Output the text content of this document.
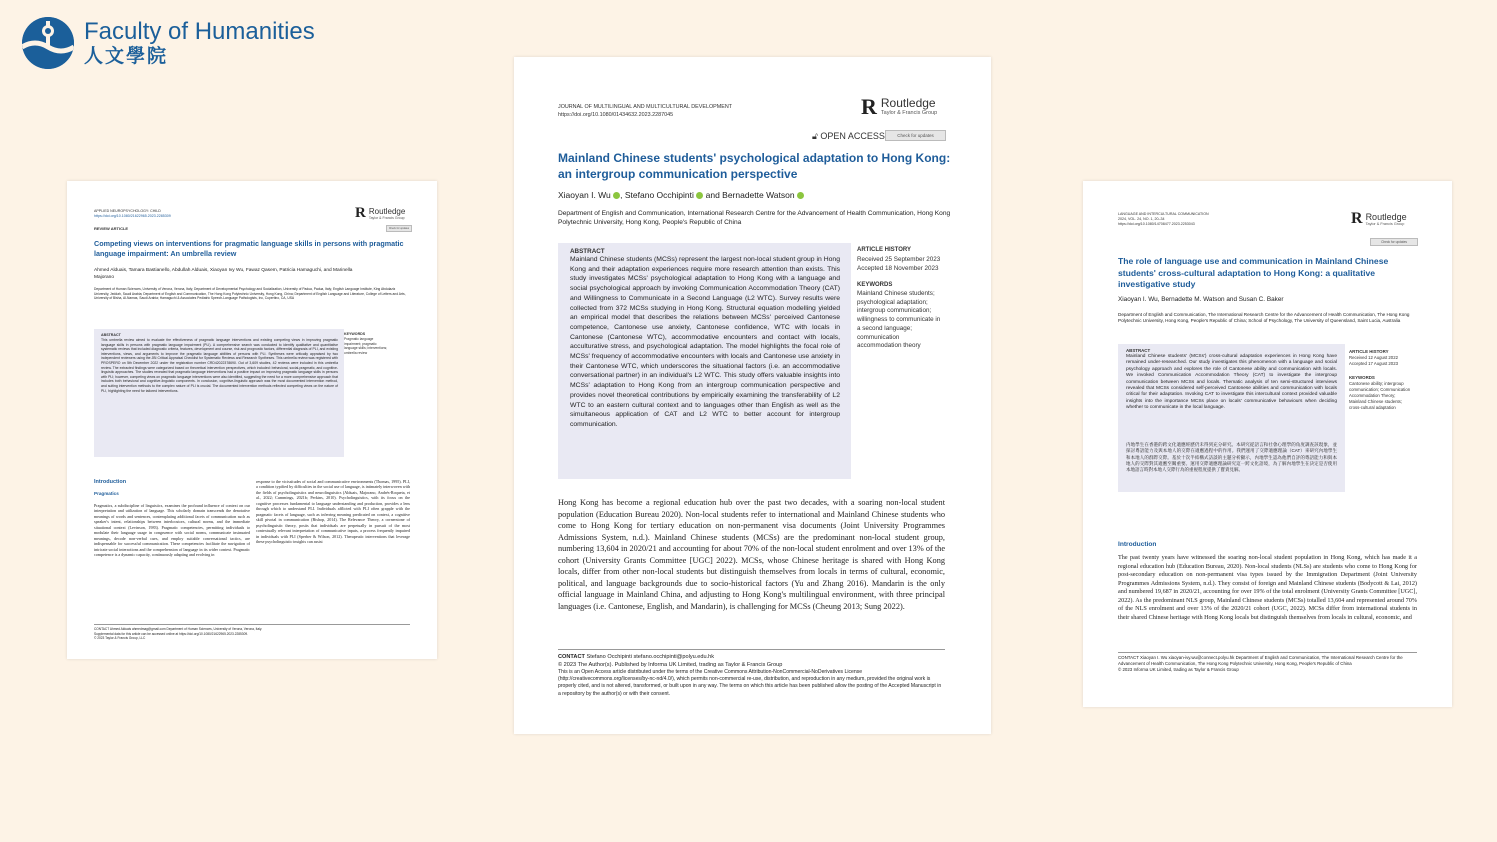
Faculty of Humanities
人文學院
APPLIED NEUROPSYCHOLOGY: CHILD
https://doi.org/10.1080/21622965.2023.2285309	R Routledge
Taylor & Francis Group
Check for updates
REVIEW ARTICLE
Competing views on interventions for pragmatic language skills in persons with pragmatic language impairment: An umbrella review
Ahmed Alduais, Tamara Bastianello, Abdullah Alduais, Xiaoyan Ivy Wu, Fawaz Qasem, Patricia Hamaguchi, and Marinella Majorano
Department of Human Sciences, University of Verona, Verona, Italy; Department of Developmental Psychology and Socialization, University of Padua, Padua, Italy; English Language Institute, King Abdulaziz University, Jeddah, Saudi Arabia; Department of English and Communication, The Hong Kong Polytechnic University, Hong Kong, China; Department of English Language and Literature, College of Letters and Arts, University of Bisha, Al-Namas, Saudi Arabia; Hamaguchi & Associates Pediatric Speech-Language Pathologists, Inc, Cupertino, CA, USA
ABSTRACT
This umbrella review aimed to evaluate the effectiveness of pragmatic language interventions and existing competing views in improving pragmatic language skills in persons with pragmatic language impairment (PLI). A comprehensive search was conducted to identify qualitative and quantitative systematic reviews that included diagnostic criteria, features, development and course, risk and prognostic factors, differential diagnosis of PLI, and existing interventions, views, and arguments to improve the pragmatic language abilities of persons with PLI. Syntheses were critically appraised by two independent reviewers using the JBI Critical Appraisal Checklist for Systematic Reviews and Research Syntheses. This umbrella review was registered with PROSPERO on 5th December 2022 under the registration number CRD42022378690. Out of 3,609 studies, 42 reviews were included in this umbrella review. The extracted findings were categorized based on theoretical intervention perspectives, which included: behavioral, social-pragmatic, and cognitive-linguistic approaches. The studies revealed that pragmatic language interventions had a positive impact on improving pragmatic language skills in persons with PLI; however, competing views on pragmatic language interventions were also identified, suggesting the need for a more comprehensive approach that includes both behavioral and cognitive-linguistic components. In conclusion, cognitive-linguistic approach was the most documented intervention method, and suiting intervention methods to the complex nature of PLI is crucial. The documented intervention methods reflected competing views on the nature of PLI, highlighting the need for tailored interventions.
KEYWORDS
Pragmatic language impairment; pragmatic language skills; interventions; umbrella review
Introduction
Pragmatics
Pragmatics, a subdiscipline of linguistics, examines the profound influence of context on our interpretation and utilization of language. This scholarly domain transcends the denotative meanings of words and sentences, contemplating additional facets of communication such as speaker's intent, relationships between interlocutors, cultural norms, and the immediate situational context (Levinson, 1983). Pragmatic competencies, permitting individuals to modulate their language usage in congruence with social norms, communicate insinuated meanings, decode non-verbal cues, and employ suitable conversational tactics, are indispensable for successful communication. These competencies facilitate the navigation of intricate social interactions and the comprehension of language in its wider context. Pragmatic competence is a dynamic capacity, continuously adapting and evolving in
response to the vicissitudes of social and communicative environments (Thomas, 1995). PLI, a condition typified by difficulties in the social use of language, is intimately interwoven with the fields of psycholinguistics and neurolinguistics (Alduais, Majorano, Andrés-Roqueta, et al., 2022; Cummings, 2021b; Perkins, 2010). Psycholinguistics, with its focus on the cognitive processes fundamental to language understanding and production, provides a lens through which to understand PLI. Individuals afflicted with PLI often grapple with the pragmatic facets of language, such as inferring meaning predicated on context, a cognitive skill pivotal in communication (Bishop, 2014). The Relevance Theory, a cornerstone of psycholinguistic theory, posits that individuals are perpetually in pursuit of the most contextually relevant interpretation of communicative inputs, a process frequently impaired in individuals with PLI (Sperber & Wilson, 2012). Therapeutic interventions that leverage these psycholinguistic insights can assist
CONTACT Ahmed Alduais ahmedmag@gmail.com Department of Human Sciences, University of Verona, Verona, Italy.
Supplemental data for this article can be accessed online at https://doi.org/10.1080/21622965.2023.2285309.
© 2023 Taylor & Francis Group, LLC
JOURNAL OF MULTILINGUAL AND MULTICULTURAL DEVELOPMENT
https://doi.org/10.1080/01434632.2023.2287045	R Routledge
Taylor & Francis Group
🔓︎ OPEN ACCESS	Check for updates
Mainland Chinese students' psychological adaptation to Hong Kong: an intergroup communication perspective
Xiaoyan I. Wu , Stefano Occhipinti and Bernadette Watson
Department of English and Communication, International Research Centre for the Advancement of Health Communication, Hong Kong Polytechnic University, Hong Kong, People's Republic of China
ABSTRACT
Mainland Chinese students (MCSs) represent the largest non-local student group in Hong Kong and their adaptation experiences require more research attention than exists. This study investigates MCSs' psychological adaptation to Hong Kong with a language and social psychological approach by invoking Communication Accommodation Theory (CAT) and Willingness to Communicate in a Second Language (L2 WTC). Survey results were collected from 372 MCSs studying in Hong Kong. Structural equation modelling yielded an empirical model that describes the relations between MCSs' perceived Cantonese competence, Cantonese use anxiety, Cantonese confidence, WTC with locals in Cantonese (Cantonese WTC), accommodative encounters and contact with locals, acculturative stress, and psychological adaptation. The model highlights the focal role of MCSs' frequency of accommodative encounters with locals and Cantonese use anxiety in their Cantonese WTC, which underscores the situational factors (i.e. an accommodative conversational partner) in an individual's L2 WTC. This study offers valuable insights into MCSs' adaptation to Hong Kong from an intergroup communication perspective and provides novel theoretical contributions by empirically examining the transferability of L2 WTC to an eastern cultural context and to languages other than English as well as the simultaneous application of CAT and L2 WTC to better account for intergroup communication.
ARTICLE HISTORY
Received 25 September 2023
Accepted 18 November 2023
KEYWORDS
Mainland Chinese students; psychological adaptation; intergroup communication; willingness to communicate in a second language; communication accommodation theory
Hong Kong has become a regional education hub over the past two decades, with a soaring non-local student population (Education Bureau 2020). Non-local students refer to international and Mainland Chinese students who come to Hong Kong for tertiary education on non-permanent visa documents (Joint University Programmes Admissions System, n.d.). Mainland Chinese students (MCSs) are the predominant non-local student group, numbering 13,604 in 2020/21 and accounting for about 70% of the non-local student enrolment and over 13% of the cohort (University Grants Committee [UGC] 2022). MCSs, whose Chinese heritage is shared with Hong Kong locals, differ from other non-local students but distinguish themselves from locals in terms of cultural, economic, political, and language backgrounds due to socio-historical factors (Yu and Zhang 2016). Mandarin is the only official language in Mainland China, and adjusting to Hong Kong's multilingual environment, with three principal languages (i.e. Cantonese, English, and Mandarin), is challenging for MCSs (Cheung 2013; Sung 2022).
CONTACT Stefano Occhipinti stefano.occhipinti@polyu.edu.hk
© 2023 The Author(s). Published by Informa UK Limited, trading as Taylor & Francis Group
This is an Open Access article distributed under the terms of the Creative Commons Attribution-NonCommercial-NoDerivatives License (http://creativecommons.org/licenses/by-nc-nd/4.0/), which permits non-commercial re-use, distribution, and reproduction in any medium, provided the original work is properly cited, and is not altered, transformed, or built upon in any way. The terms on which this article has been published allow the posting of the Accepted Manuscript in a repository by the author(s) or with their consent.
LANGUAGE AND INTERCULTURAL COMMUNICATION
2024, VOL. 24, NO. 1, 20–34
https://doi.org/10.1080/14708477.2023.2253043	R Routledge
Taylor & Francis Group
Check for updates
The role of language use and communication in Mainland Chinese students' cross-cultural adaptation to Hong Kong: a qualitative investigative study
Xiaoyan I. Wu, Bernadette M. Watson and Susan C. Baker
Department of English and Communication, The International Research Centre for the Advancement of Health Communication, The Hong Kong Polytechnic University, Hong Kong, People's Republic of China; School of Psychology, The University of Queensland, Saint Lucia, Australia
ABSTRACT
Mainland Chinese students' (MCSs') cross-cultural adaptation experiences in Hong Kong have remained under-researched. Our study investigates this phenomenon with a language and social psychology approach and explores the role of Cantonese ability and communication with locals. We invoked Communication Accommodation Theory (CAT) to investigate the intergroup communication between MCSs and locals. Thematic analysis of ten semi-structured interviews revealed that MCSs considered self-perceived Cantonese abilities and communication with locals critical for their adaptation. Invoking CAT to investigate this intercultural context provided valuable insights into the importance MCSs place on locals' communicative behaviours when deciding whether to communicate in the local language.
内地學生在香港的跨文化適應經歷仍未得到充分研究。本研究從語言和社會心理學的角度調查該現象，並探討粵語能力及與本地人的交際在適應過程中的作用。我們運用了交際適應理論（CAT）來研究內地學生和本地人的群際交際。基於十次半結構式訪談的主題分析顯示，內地學生認為他們自評的粵語能力和與本地人的交際對其適應至關重要。運用交際適應理論研究這一跨文化語境，為了解內地學生在決定是否使用本地語言時對本地人交際行為的重視程度提供了寶貴見解。
ARTICLE HISTORY
Received 12 August 2022
Accepted 17 August 2023
KEYWORDS
Cantonese ability; intergroup communication; Communication Accommodation Theory; Mainland Chinese students; cross-cultural adaptation
Introduction
The past twenty years have witnessed the soaring non-local student population in Hong Kong, which has made it a regional education hub (Education Bureau, 2020). Non-local students (NLSs) are students who come to Hong Kong for post-secondary education on non-permanent visa types issued by the Immigration Department (Joint University Programmes Admissions System, n.d.). They consist of foreign and Mainland Chinese students (Bodycott & Lai, 2012) and numbered 19,687 in 2020/21, accounting for over 19% of the total enrolment (University Grants Committee [UGC], 2022). As the predominant NLS group, Mainland Chinese students (MCSs) totalled 13,604 and represented around 70% of the NLS enrolment and over 13% of the 2020/21 cohort (UGC, 2022). MCSs differ from international students in their shared Chinese heritage with Hong Kong locals but distinguish themselves from locals in cultural, economic, and
CONTACT Xiaoyan I. Wu xiaoyan-ivy.wu@connect.polyu.hk Department of English and Communication, The International Research Centre for the Advancement of Health Communication, The Hong Kong Polytechnic University, Hong Kong, People's Republic of China
© 2023 Informa UK Limited, trading as Taylor & Francis Group
